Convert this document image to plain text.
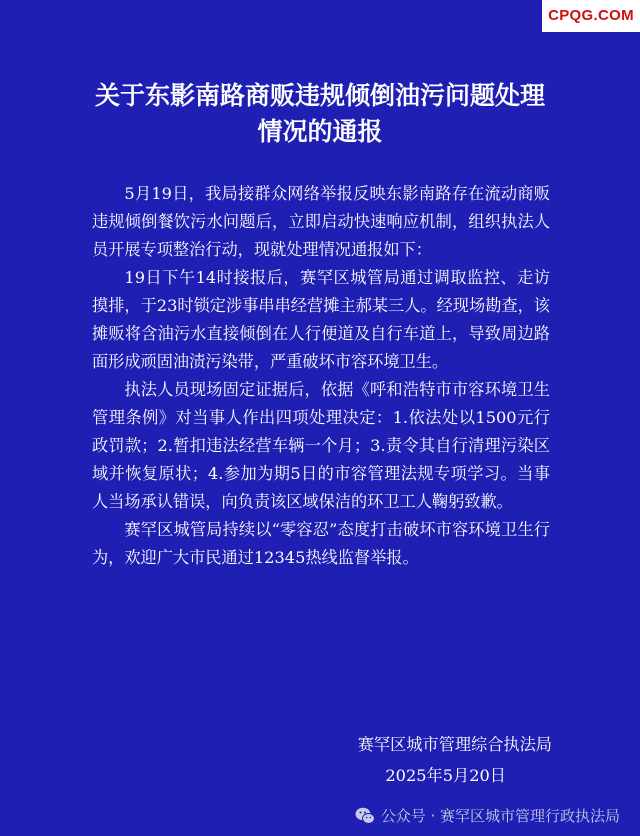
CPQG.COM
关于东影南路商贩违规倾倒油污问题处理
情况的通报

5月19日，我局接群众网络举报反映东影南路存在流动商贩违规倾倒餐饮污水问题后，立即启动快速响应机制，组织执法人员开展专项整治行动，现就处理情况通报如下：

19日下午14时接报后，赛罕区城管局通过调取监控、走访摸排，于23时锁定涉事串串经营摊主郝某三人。经现场勘查，该摊贩将含油污水直接倾倒在人行便道及自行车道上，导致周边路面形成顽固油渍污染带，严重破坏市容环境卫生。

执法人员现场固定证据后，依据《呼和浩特市市容环境卫生管理条例》对当事人作出四项处理决定：1.依法处以1500元行政罚款；2.暂扣违法经营车辆一个月；3.责令其自行清理污染区域并恢复原状；4.参加为期5日的市容管理法规专项学习。当事人当场承认错误，向负责该区域保洁的环卫工人鞠躬致歉。

赛罕区城管局持续以“零容忍”态度打击破坏市容环境卫生行为，欢迎广大市民通过12345热线监督举报。

赛罕区城市管理综合执法局
2025年5月20日
公众号 · 赛罕区城市管理行政执法局
